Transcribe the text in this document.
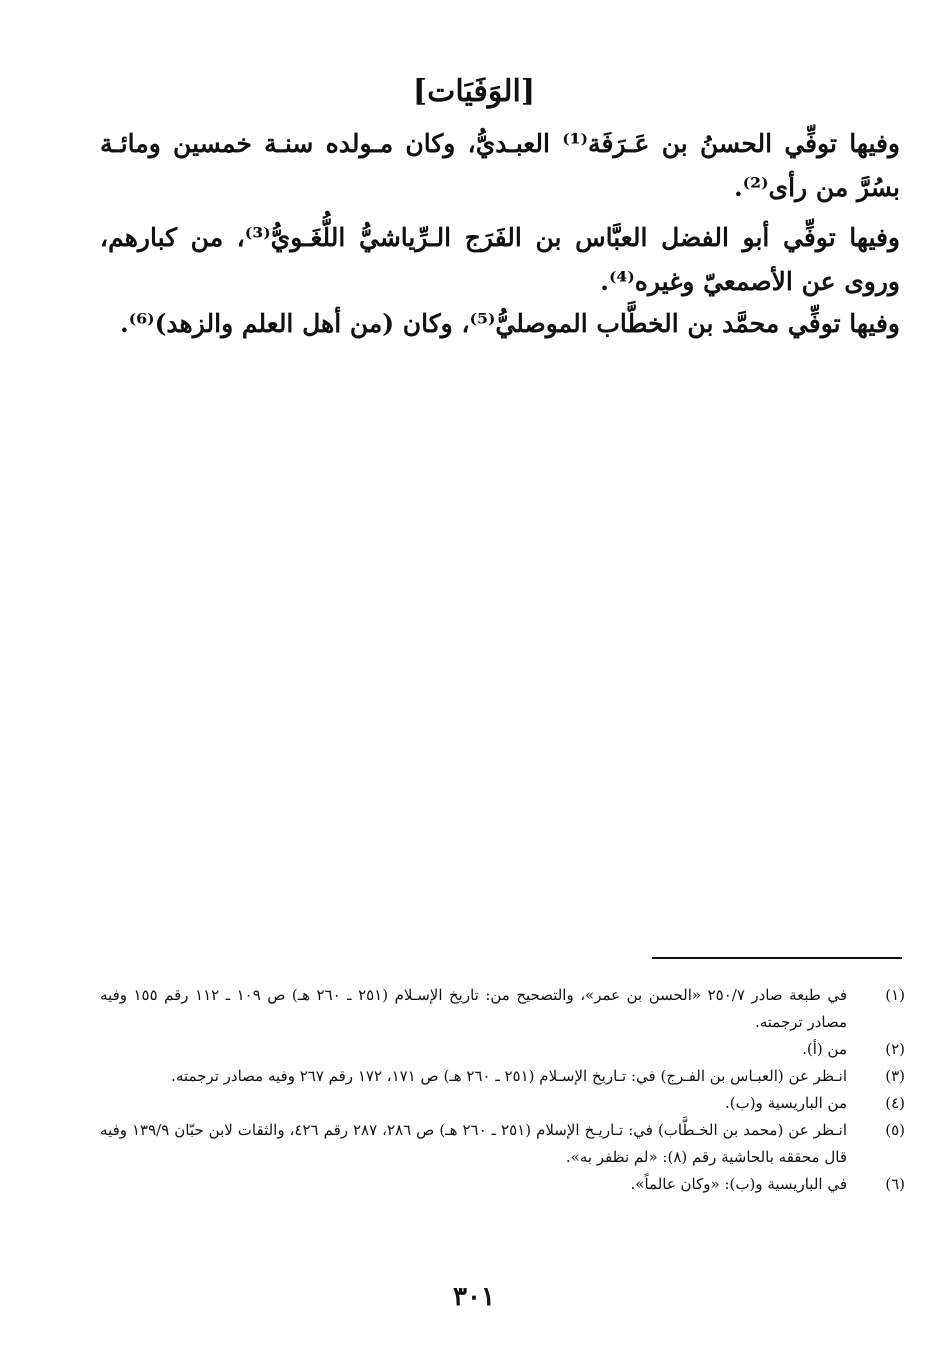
[الوَفَيَات]
وفيها توفِّي الحسنُ بن عَـرَفَة⁽¹⁾ العبـديُّ، وكان مـولده سنـة خمسين ومائـة بسُرَّ من رأى⁽²⁾.
وفيها توفِّي أبو الفضل العبَّاس بن الفَرَج الـرِّياشيُّ اللُّغَـويُّ⁽³⁾، من كبارهم، وروى عن الأصمعيّ وغيره⁽⁴⁾.
وفيها توفِّي محمَّد بن الخطَّاب الموصليُّ⁽⁵⁾، وكان (من أهل العلم والزهد)⁽⁶⁾.
(١)
في طبعة صادر ٢٥٠/٧ «الحسن بن عمر»، والتصحيح من: تاريخ الإسـلام (٢٥١ ـ ٢٦٠ هـ) ص ١٠٩ ـ ١١٢ رقم ١٥٥ وفيه مصادر ترجمته.
(٢)
من (أ).
(٣)
انـظر عن (العبـاس بن الفـرج) في: تـاريخ الإسـلام (٢٥١ ـ ٢٦٠ هـ) ص ١٧١، ١٧٢ رقم ٢٦٧ وفيه مصادر ترجمته.
(٤)
من الباريسية و(ب).
(٥)
انـظر عن (محمد بن الخـطَّاب) في: تـاريـخ الإسلام (٢٥١ ـ ٢٦٠ هـ) ص ٢٨٦، ٢٨٧ رقم ٤٢٦، والثقات لابن حبّان ١٣٩/٩ وفيه قال محققه بالحاشية رقم (٨): «لم نظفر به».
(٦)
في الباريسية و(ب): «وكان عالماً».
٣٠١
